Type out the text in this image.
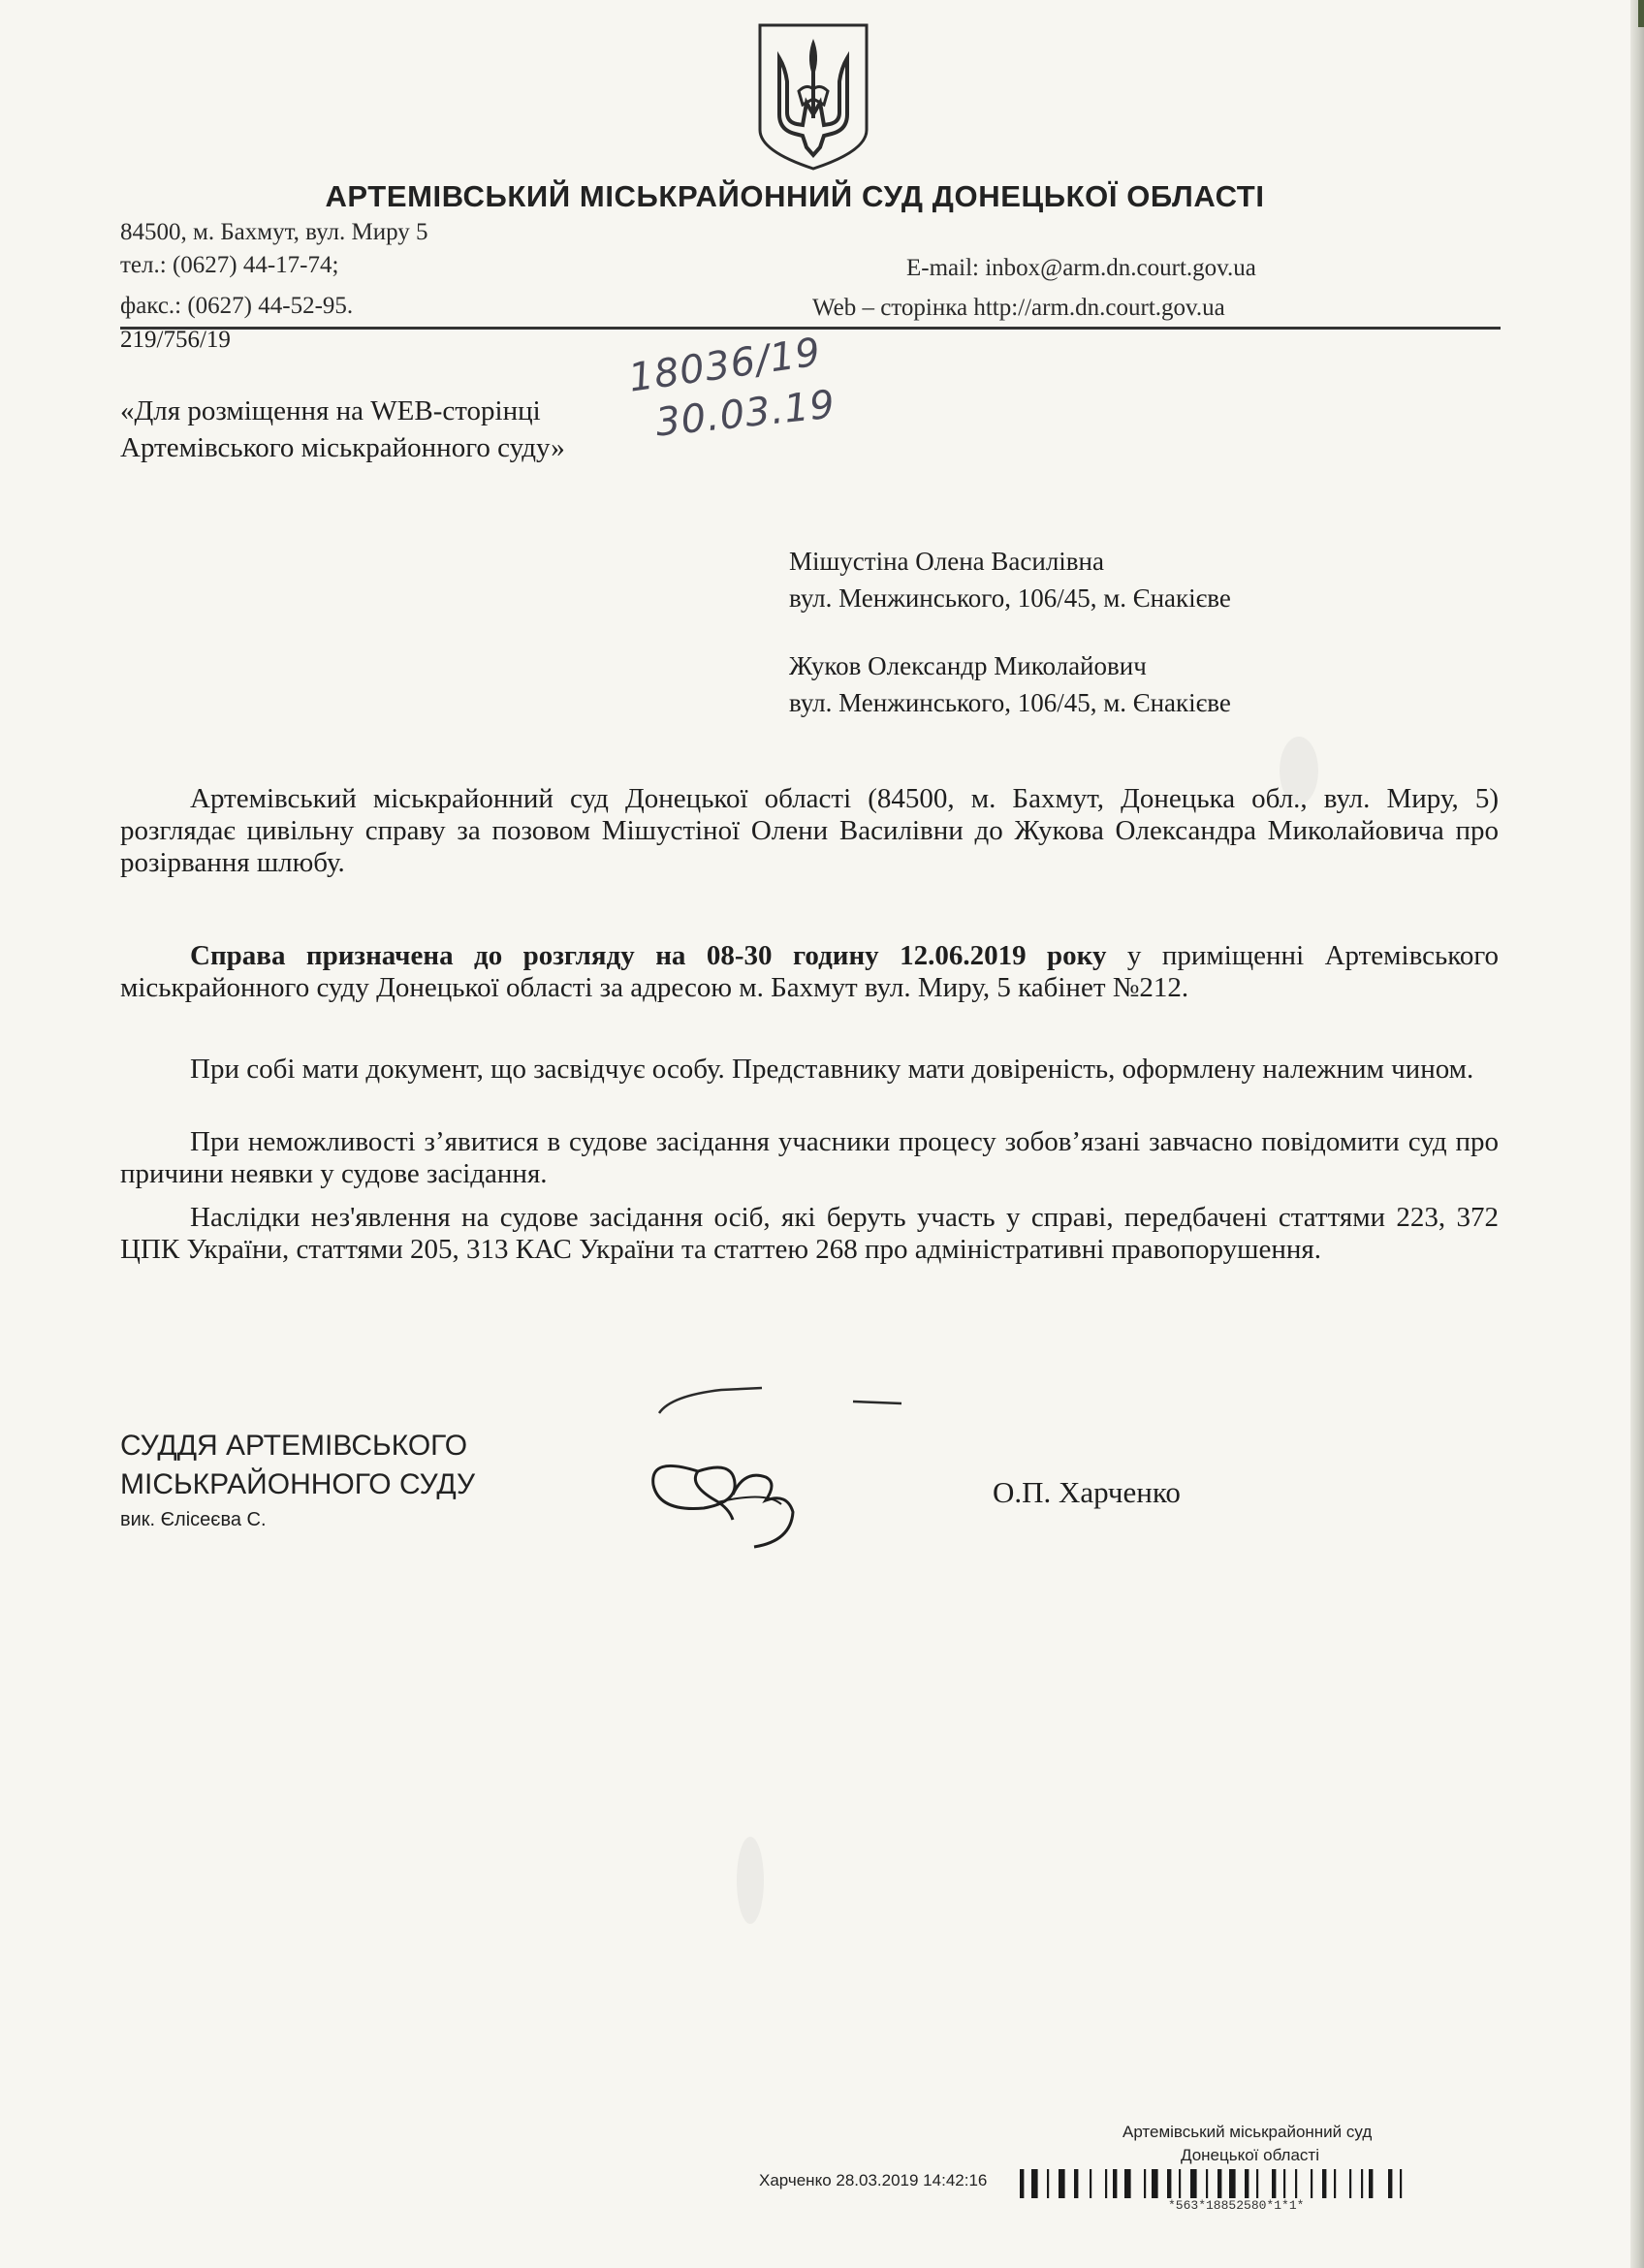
АРТЕМІВСЬКИЙ МІСЬКРАЙОННИЙ СУД ДОНЕЦЬКОЇ ОБЛАСТІ
84500, м. Бахмут, вул. Миру 5
тел.: (0627) 44-17-74;
факс.: (0627) 44-52-95.
E-mail: inbox@arm.dn.court.gov.ua
Web – сторінка http://arm.dn.court.gov.ua
219/756/19	18036/19
30.03.19
«Для розміщення на WEB-сторінці
Артемівського міськрайонного суду»
Мішустіна Олена Василівна
вул. Менжинського, 106/45, м. Єнакієве
Жуков Олександр Миколайович
вул. Менжинського, 106/45, м. Єнакієве
Артемівський міськрайонний суд Донецької області (84500, м. Бахмут, Донецька обл., вул. Миру, 5) розглядає цивільну справу за позовом Мішустіної Олени Василівни до Жукова Олександра Миколайовича про розірвання шлюбу.
Справа призначена до розгляду на 08-30 годину 12.06.2019 року у приміщенні Артемівського міськрайонного суду Донецької області за адресою м. Бахмут вул. Миру, 5 кабінет №212.
При собі мати документ, що засвідчує особу. Представнику мати довіреність, оформлену належним чином.
При неможливості з’явитися в судове засідання учасники процесу зобов’язані завчасно повідомити суд про причини неявки у судове засідання.
Наслідки нез'явлення на судове засідання осіб, які беруть участь у справі, передбачені статтями 223, 372 ЦПК України, статтями 205, 313 КАС України та статтею 268 про адміністративні правопорушення.
СУДДЯ АРТЕМІВСЬКОГО
МІСЬКРАЙОННОГО СУДУ
вик. Єлісеєва С.
О.П. Харченко
Артемівський міськрайонний суд
Донецької області
Харченко 28.03.2019 14:42:16
*563*18852580*1*1*
